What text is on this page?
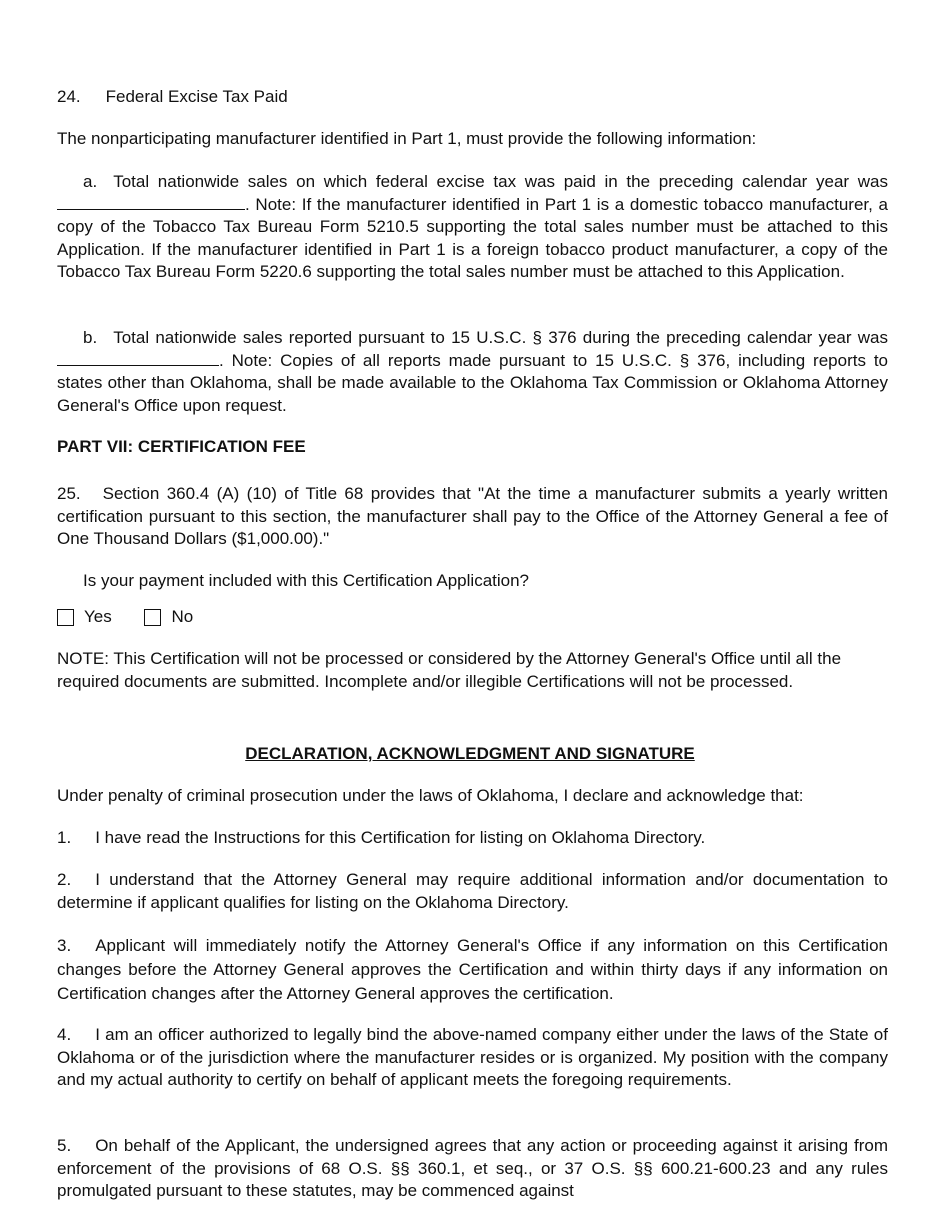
24. Federal Excise Tax Paid

The nonparticipating manufacturer identified in Part 1, must provide the following information:

a. Total nationwide sales on which federal excise tax was paid in the preceding calendar year was . Note: If the manufacturer identified in Part 1 is a domestic tobacco manufacturer, a copy of the Tobacco Tax Bureau Form 5210.5 supporting the total sales number must be attached to this Application. If the manufacturer identified in Part 1 is a foreign tobacco product manufacturer, a copy of the Tobacco Tax Bureau Form 5220.6 supporting the total sales number must be attached to this Application.

b. Total nationwide sales reported pursuant to 15 U.S.C. § 376 during the preceding calendar year was. Note: Copies of all reports made pursuant to 15 U.S.C. § 376, including reports to states other than Oklahoma, shall be made available to the Oklahoma Tax Commission or Oklahoma Attorney General's Office upon request.

PART VII: CERTIFICATION FEE

25. Section 360.4 (A) (10) of Title 68 provides that "At the time a manufacturer submits a yearly written certification pursuant to this section, the manufacturer shall pay to the Office of the Attorney General a fee of One Thousand Dollars ($1,000.00)."

Is your payment included with this Certification Application?

Yes
	No

NOTE: This Certification will not be processed or considered by the Attorney General's Office until all the required documents are submitted. Incomplete and/or illegible Certifications will not be processed.

DECLARATION, ACKNOWLEDGMENT AND SIGNATURE

Under penalty of criminal prosecution under the laws of Oklahoma, I declare and acknowledge that:

1. I have read the Instructions for this Certification for listing on Oklahoma Directory.

2. I understand that the Attorney General may require additional information and/or documentation to determine if applicant qualifies for listing on the Oklahoma Directory.

3. Applicant will immediately notify the Attorney General's Office if any information on this Certification changes before the Attorney General approves the Certification and within thirty days if any information on Certification changes after the Attorney General approves the certification.

4. I am an officer authorized to legally bind the above-named company either under the laws of the State of Oklahoma or of the jurisdiction where the manufacturer resides or is organized. My position with the company and my actual authority to certify on behalf of applicant meets the foregoing requirements.

5. On behalf of the Applicant, the undersigned agrees that any action or proceeding against it arising from enforcement of the provisions of 68 O.S. §§ 360.1, et seq., or 37 O.S. §§ 600.21-600.23 and any rules promulgated pursuant to these statutes, may be commenced against
